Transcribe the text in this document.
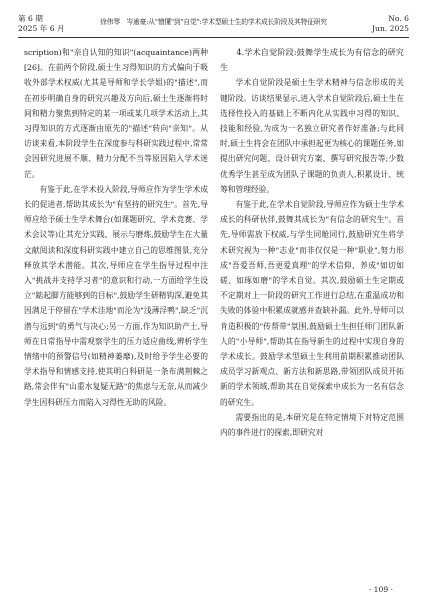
第 6 期
2025 年 6 月
徐伟琴　岑逾豪:从"憎懂"到"自觉":学术型硕士生的学术成长阶段及其特征研究	No. 6
Jun. 2025

scription)和"亲自认知的知识"(acquaintance)两种[26]。在前两个阶段,硕士生习得知识的方式偏向于吸收外部学术权威(尤其是导师和学长学姐)的"描述",而在初步明确自身的研究兴趣及方向后,硕士生逐渐将时间和精力聚焦到特定的某一项或某几项学术活动上,其习得知识的方式逐渐由原先的"描述"转向"亲知"。从访谈来看,本阶段学生在深度参与科研实践过程中,常常会因研究进展不顺、精力分配不当等原因陷入学术迷茫。

有鉴于此,在学术投入阶段,导师应作为学生学术成长的促进者,帮助其成长为"有坚持的研究生"。首先,导师应给予硕士生学术舞台(如课题研究、学术竞赛、学术会议等)让其充分实践、展示与磨炼,鼓励学生在大量文献阅读和深度科研实践中建立自己的思维图景,充分释放其学术潜能。其次,导师应在学生指导过程中注入"挑战并支持学习者"的意识和行动,一方面给学生设立"踮起脚方能够到的目标",鼓励学生研精钩深,避免其因满足于停留在"学术洼地"而沦为"浅薄浮鸭",缺乏"沉潜与远到"的勇气与决心;另一方面,作为知识助产士,导师在日常指导中需观察学生的压力适应曲线,辨析学生情绪中的预警信号(如精神萎靡),及时给予学生必要的学术指导和情感支持,使其明白科研是一条布满荆棘之路,常会伴有"山重水复疑无路"的焦虑与无奈,从而减少学生因科研压力而陷入习得性无助的风险。

4.学术自觉阶段:鼓舞学生成长为有信念的研究生

学术自觉阶段是硕士生学术精神与信念形成的关键阶段。访谈结果显示,进入学术自觉阶段后,硕士生在选择性投入的基础上不断内化从实践中习得的知识、技能和经验,为成为一名独立研究者作好准备;与此同时,硕士生将会在团队中承担起更为核心的课题任务,如提出研究问题、设计研究方案、撰写研究报告等;少数优秀学生甚至成为团队子课题的负责人,积累设计、统筹和管理经验。

有鉴于此,在学术自觉阶段,导师应作为硕士生学术成长的科研伙伴,鼓舞其成长为"有信念的研究生"。首先,导师需放下权威,与学生同舱同行,鼓励研究生将学术研究视为一种"志业"而非仅仅是一种"职业",努力形成"吾爱吾师,吾更爱真理"的学术信仰、养成"如切如磋、如琢如磨"的学术自觉。其次,鼓励硕士生定期或不定期对上一阶段的研究工作进行总结,在重温成功和失败的体验中积累成就感并查缺补漏。此外,导师可以肯造积极的"传帮带"氛围,鼓励硕士生担任师门团队新人的"小导师",帮助其在指导新生的过程中实现自身的学术成长。鼓励学术型硕士生利用前期积累推动团队成员学习新观点、新方法和新思路,带领团队成员开拓新的学术领域,帮助其在自觉探索中成长为一名有信念的研究生。

需要指出的是,本研究是在特定情境下对特定范围内的事件进行的探索,即研究对

· 109 ·
